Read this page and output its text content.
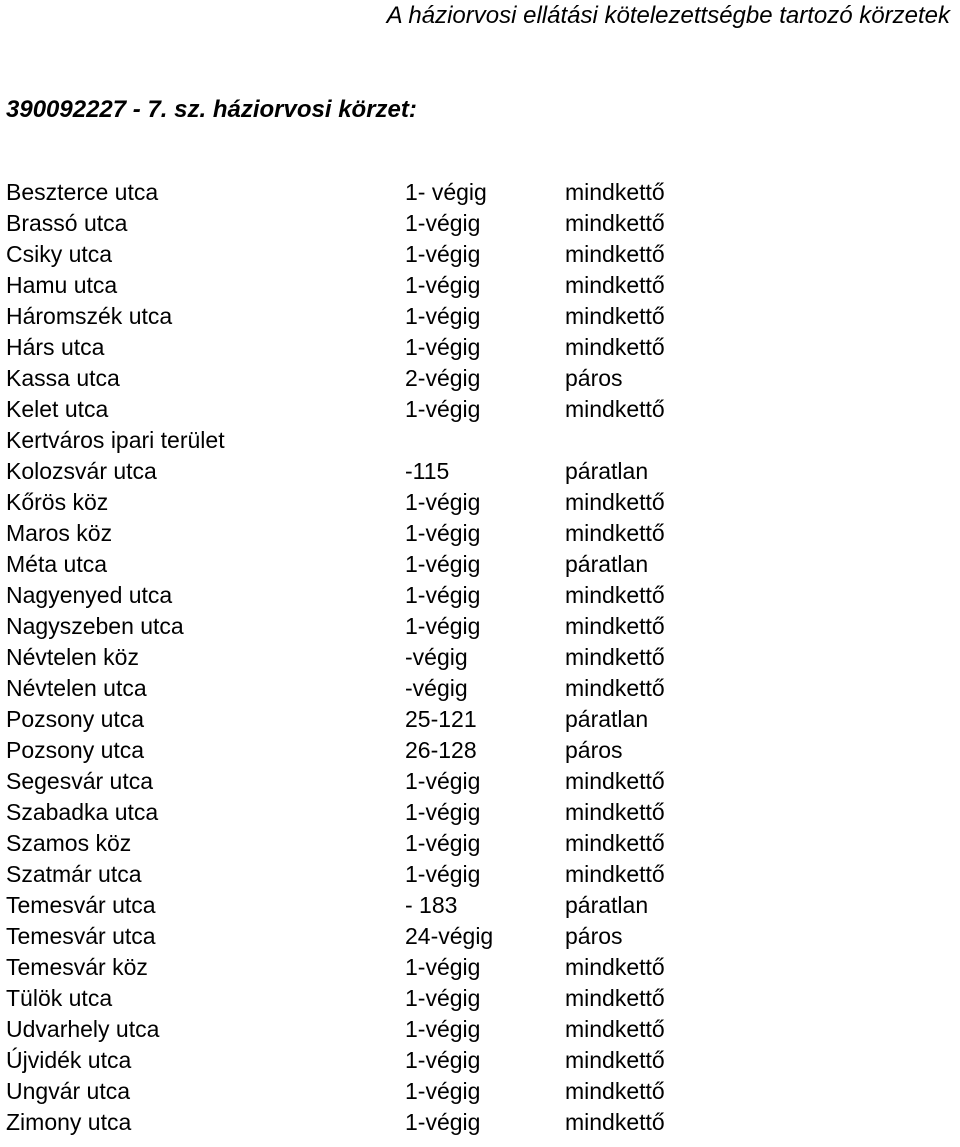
A háziorvosi ellátási kötelezettségbe tartozó körzetek
390092227 - 7. sz. háziorvosi körzet:
Beszterce utca	1- végig	mindkettő
Brassó utca	1-végig	mindkettő
Csiky utca	1-végig	mindkettő
Hamu utca	1-végig	mindkettő
Háromszék utca	1-végig	mindkettő
Hárs utca	1-végig	mindkettő
Kassa utca	2-végig	páros
Kelet utca	1-végig	mindkettő
Kertváros ipari terület		
Kolozsvár utca	-115	páratlan
Kőrös köz	1-végig	mindkettő
Maros köz	1-végig	mindkettő
Méta utca	1-végig	páratlan
Nagyenyed utca	1-végig	mindkettő
Nagyszeben utca	1-végig	mindkettő
Névtelen köz	-végig	mindkettő
Névtelen utca	-végig	mindkettő
Pozsony utca	25-121	páratlan
Pozsony utca	26-128	páros
Segesvár utca	1-végig	mindkettő
Szabadka utca	1-végig	mindkettő
Szamos köz	1-végig	mindkettő
Szatmár utca	1-végig	mindkettő
Temesvár utca	- 183	páratlan
Temesvár utca	24-végig	páros
Temesvár köz	1-végig	mindkettő
Tülök utca	1-végig	mindkettő
Udvarhely utca	1-végig	mindkettő
Újvidék utca	1-végig	mindkettő
Ungvár utca	1-végig	mindkettő
Zimony utca	1-végig	mindkettő
